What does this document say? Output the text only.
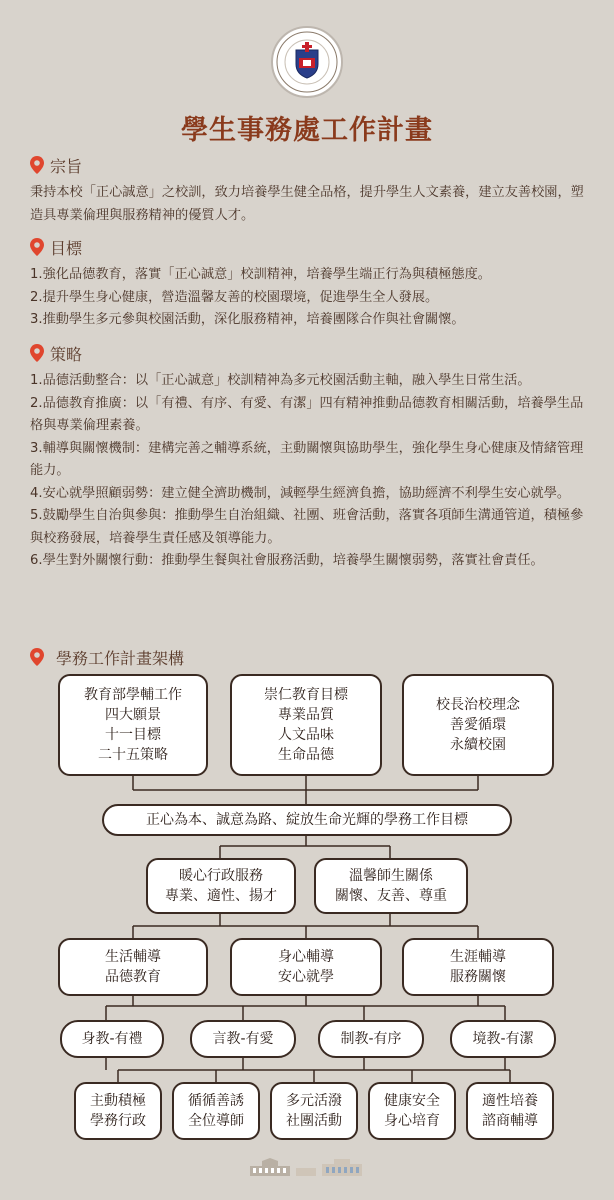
學生事務處工作計畫
宗旨
秉持本校「正心誠意」之校訓，致力培養學生健全品格，提升學生人文素養，建立友善校園，塑造具專業倫理與服務精神的優質人才。
目標
1.強化品德教育，落實「正心誠意」校訓精神，培養學生端正行為與積極態度。
2.提升學生身心健康，營造溫馨友善的校園環境，促進學生全人發展。
3.推動學生多元參與校園活動，深化服務精神，培養團隊合作與社會關懷。
策略
1.品德活動整合：以「正心誠意」校訓精神為多元校園活動主軸，融入學生日常生活。
2.品德教育推廣：以「有禮、有序、有愛、有潔」四有精神推動品德教育相關活動，培養學生品格與專業倫理素養。
3.輔導與關懷機制：建構完善之輔導系統，主動關懷與協助學生，強化學生身心健康及情緒管理能力。
4.安心就學照顧弱勢：建立健全濟助機制，減輕學生經濟負擔，協助經濟不利學生安心就學。
5.鼓勵學生自治與參與：推動學生自治組織、社團、班會活動，落實各項師生溝通管道，積極參與校務發展，培養學生責任感及領導能力。
6.學生對外關懷行動：推動學生餐與社會服務活動，培養學生關懷弱勢，落實社會責任。
學務工作計畫架構
教育部學輔工作
四大願景
十一目標
二十五策略
崇仁教育目標
專業品質
人文品味
生命品德
校長治校理念
善愛循環
永續校園
正心為本、誠意為路、綻放生命光輝的學務工作目標
暖心行政服務
專業、適性、揚才
溫馨師生關係
關懷、友善、尊重
生活輔導
品德教育
身心輔導
安心就學
生涯輔導
服務關懷
身教-有禮	言教-有愛	制教-有序	境教-有潔
主動積極
學務行政
循循善誘
全位導師
多元活潑
社團活動
健康安全
身心培育
適性培養
諮商輔導
